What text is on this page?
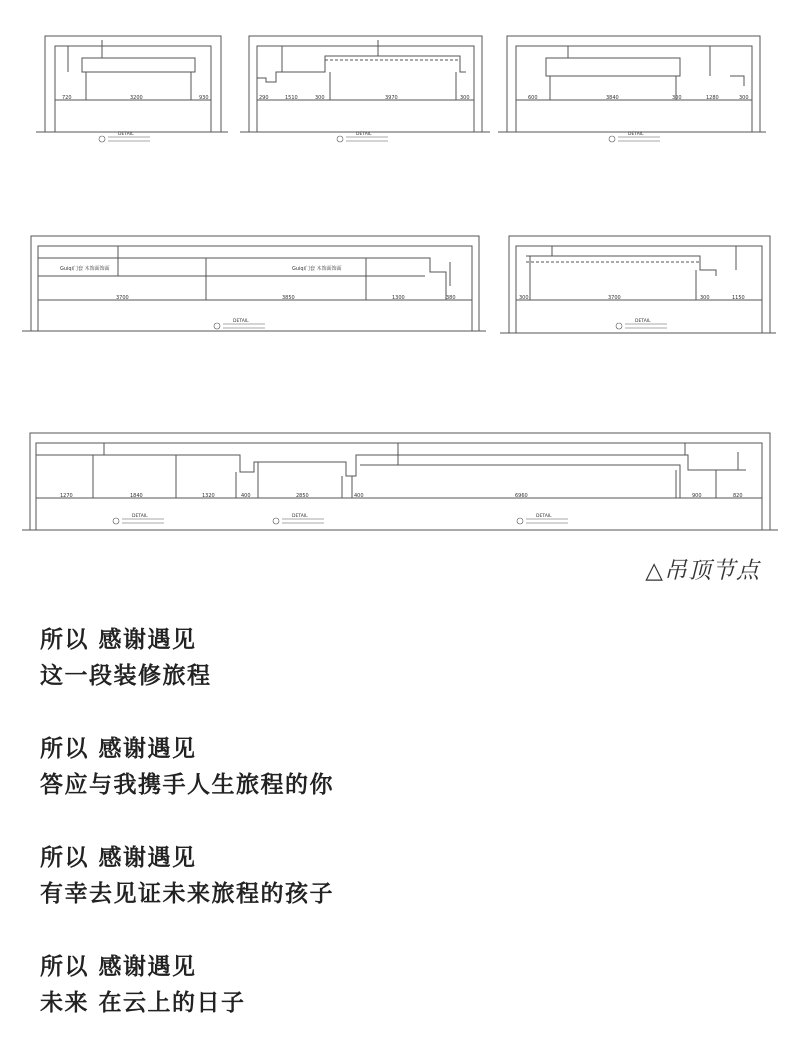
720	3200	930	290	1510	300	3970	300	600	3840	300	1280	300
3700	3850	1300	380
Guiqi门套 木饰面饰面	Guiqi门套 木饰面饰面
300	3700	300	1150
1270	1840	1320	400	2850	400	6960	900	820
DETAIL	DETAIL	DETAIL
DETAIL	DETAIL
DETAIL	DETAIL	DETAIL
△吊顶节点
所以 感谢遇见
这一段装修旅程
所以 感谢遇见
答应与我携手人生旅程的你
所以 感谢遇见
有幸去见证未来旅程的孩子
所以 感谢遇见
未来 在云上的日子
